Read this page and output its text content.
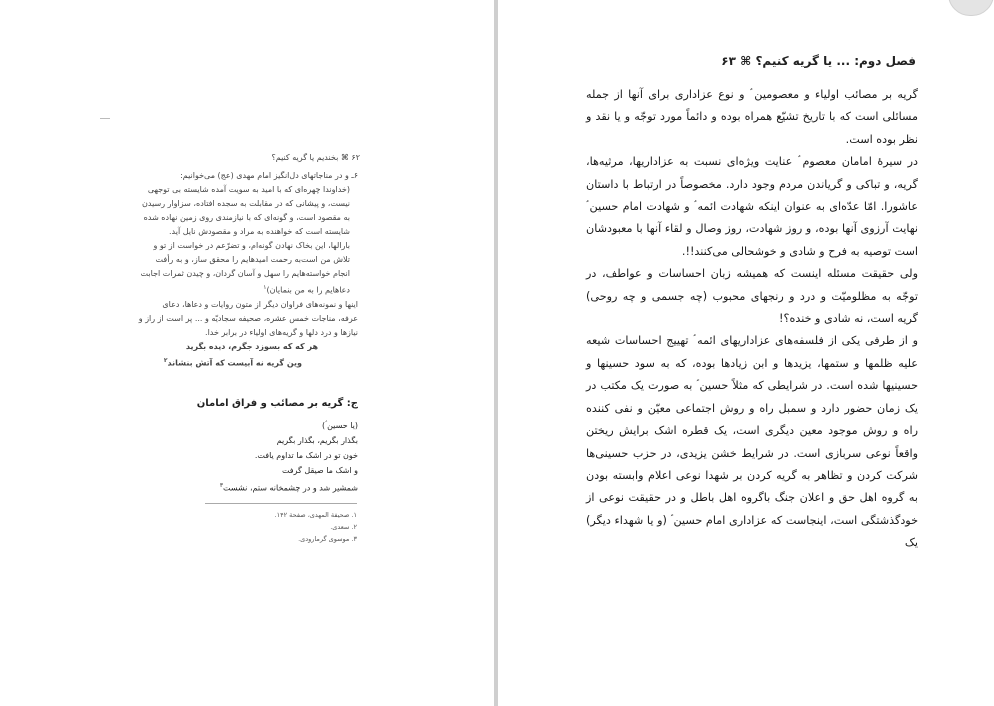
۶۲ ⌘ بخندیم یا گریه کنیم؟

۶ـ و در مناجاتهای دل‌انگیز امام مهدی (عج) می‌خوانیم:

(خداوندا چهره‌ای که با امید به سویت آمده شایسته بی توجهی

نیست، و پیشانی که در مقابلت به سجده افتاده، سزاوار رسیدن

به مقصود است، و گونه‌ای که با نیازمندی روی زمین نهاده شده

شایسته است که خواهنده به مراد و مقصودش نایل آید.

بارالها، این بخاک نهادن گونه‌ام، و تضرّعم در خواست از تو و

تلاش من است‌به رحمت امیدهایم را محقق ساز، و به رأفت

انجام خواسته‌هایم را سهل و آسان گردان، و چیدن ثمرات اجابت

دعاهایم را به من بنمایان)$^۱$

اینها و نمونه‌های فراوان دیگر از متون روایات و دعاها، دعای

عرفه، مناجات خمس عشره، صحیفه سجادیّه و ... پر است از راز و

نیازها و درد دلها و گریه‌های اولیاء در برابر خدا.

هر که که بسوزد جگرم، دیده بگرید

وین گریه نه آبیست که آتش بنشاند$^۲$

ج: گریه بر مصائب و فراق امامان

(یا حسین ؑ)

بگذار بگریم، بگذار بگریم

خون تو در اشک ما تداوم یافت.

و اشک ما صیقل گرفت

شمشیر شد و در چشمخانه ستم، نشست$^۳$

۱. صحیفة المهدی، صفحة ۱۴۲.

۲. سعدی.

۳. موسوی گرمارودی.

فصل دوم: ... یا گریه کنیم؟ ⌘ ۶۳

گریه بر مصائب اولیاء و معصومین ؑ و نوع عزاداری برای آنها از جمله مسائلی است که با تاریخ تشیّع همراه بوده و دائماً مورد توجّه و یا نقد و نظر بوده است.

در سیرهٔ امامان معصوم ؑ عنایت ویژه‌ای نسبت به عزاداریها، مرثیه‌ها، گریه، و تباکی و گریاندن مردم وجود دارد. مخصوصاً در ارتباط با داستان عاشورا. امّا عدّه‌ای به عنوان اینکه شهادت ائمه ؑ و شهادت امام حسین ؑ نهایت آرزوی آنها بوده، و روز شهادت، روز وصال و لقاء آنها با معبودشان است توصیه به فرح و شادی و خوشحالی می‌کنند!!.

ولی حقیقت مسئله اینست که همیشه زبان احساسات و عواطف، در توجّه به مظلومیّت و درد و رنجهای محبوب (چه جسمی و چه روحی) گریه است، نه شادی و خنده؟!

و از طرفی یکی از فلسفه‌های عزاداریهای ائمه ؑ تهییج احساسات شیعه علیه ظلمها و ستمها، یزیدها و ابن زیادها بوده، که به سود حسینها و حسینیها شده است. در شرایطی که مثلاً حسین ؑ به صورت یک مکتب در یک زمان حضور دارد و سمبل راه و روش اجتماعی معیّن و نفی کننده راه و روش موجود معین دیگری است، یک قطره اشک برایش ریختن واقعاً نوعی سربازی است. در شرایط خشن یزیدی، در حزب حسینی‌ها شرکت کردن و تظاهر به گریه کردن بر شهدا نوعی اعلام وابسته بودن به گروه اهل حق و اعلان جنگ باگروه اهل باطل و در حقیقت نوعی از خودگذشتگی است، اینجاست که عزاداری امام حسین ؑ (و یا شهداء دیگر) یک
